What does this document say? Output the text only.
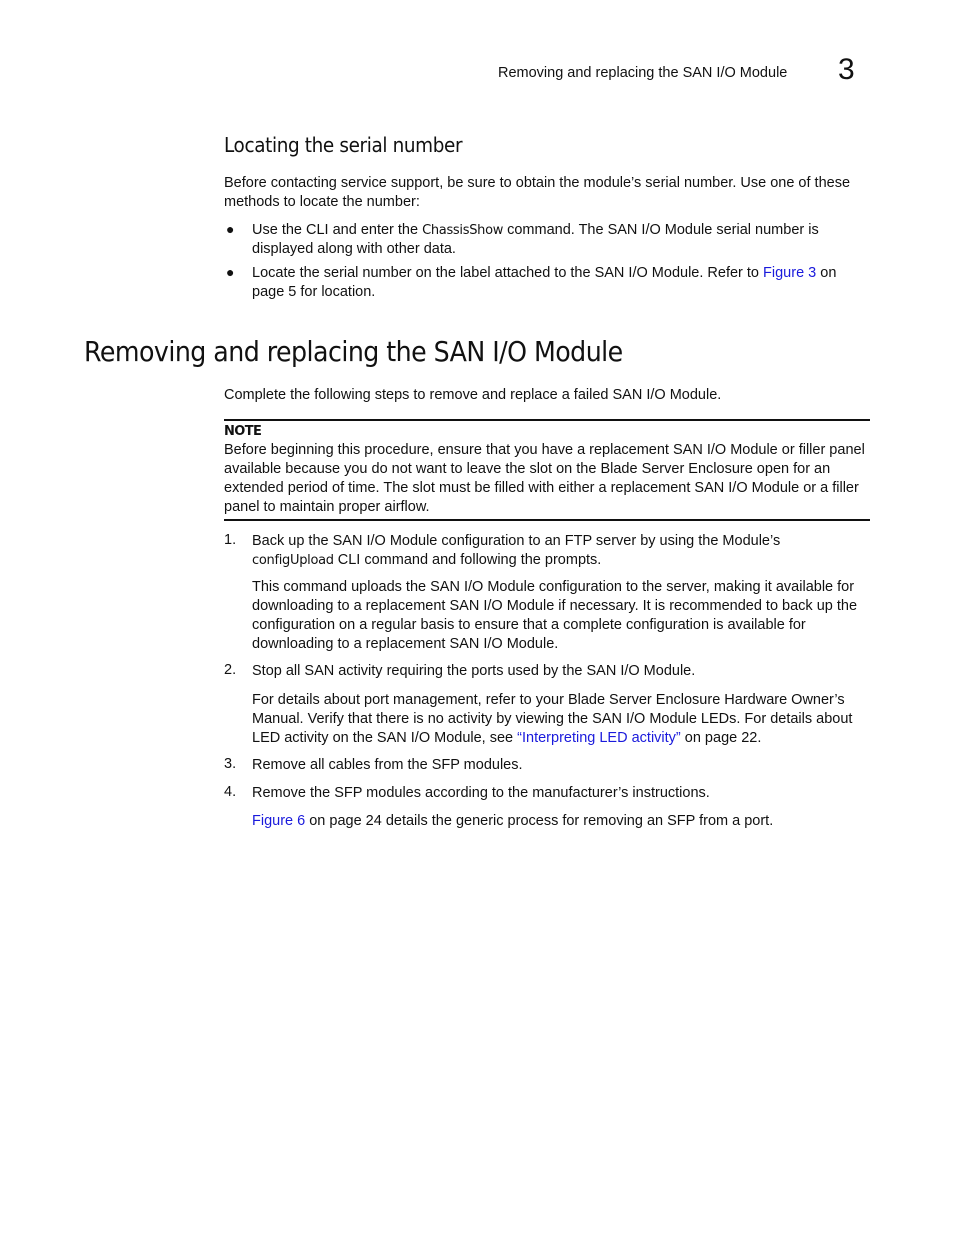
Removing and replacing the SAN I/O Module 3
Locating the serial number
Before contacting service support, be sure to obtain the module’s serial number. Use one of these methods to locate the number:
● Use the CLI and enter the ChassisShow command. The SAN I/O Module serial number is displayed along with other data.
● Locate the serial number on the label attached to the SAN I/O Module. Refer to Figure 3 on page 5 for location.
Removing and replacing the SAN I/O Module
Complete the following steps to remove and replace a failed SAN I/O Module.
NOTE
Before beginning this procedure, ensure that you have a replacement SAN I/O Module or filler panel available because you do not want to leave the slot on the Blade Server Enclosure open for an extended period of time. The slot must be filled with either a replacement SAN I/O Module or a filler panel to maintain proper airflow.
1. Back up the SAN I/O Module configuration to an FTP server by using the Module’s
configUpload CLI command and following the prompts.
This command uploads the SAN I/O Module configuration to the server, making it available for downloading to a replacement SAN I/O Module if necessary. It is recommended to back up the configuration on a regular basis to ensure that a complete configuration is available for downloading to a replacement SAN I/O Module.
2. Stop all SAN activity requiring the ports used by the SAN I/O Module.
For details about port management, refer to your Blade Server Enclosure Hardware Owner’s Manual. Verify that there is no activity by viewing the SAN I/O Module LEDs. For details about LED activity on the SAN I/O Module, see “Interpreting LED activity” on page 22.
3. Remove all cables from the SFP modules.
4. Remove the SFP modules according to the manufacturer’s instructions.
Figure 6 on page 24 details the generic process for removing an SFP from a port.
